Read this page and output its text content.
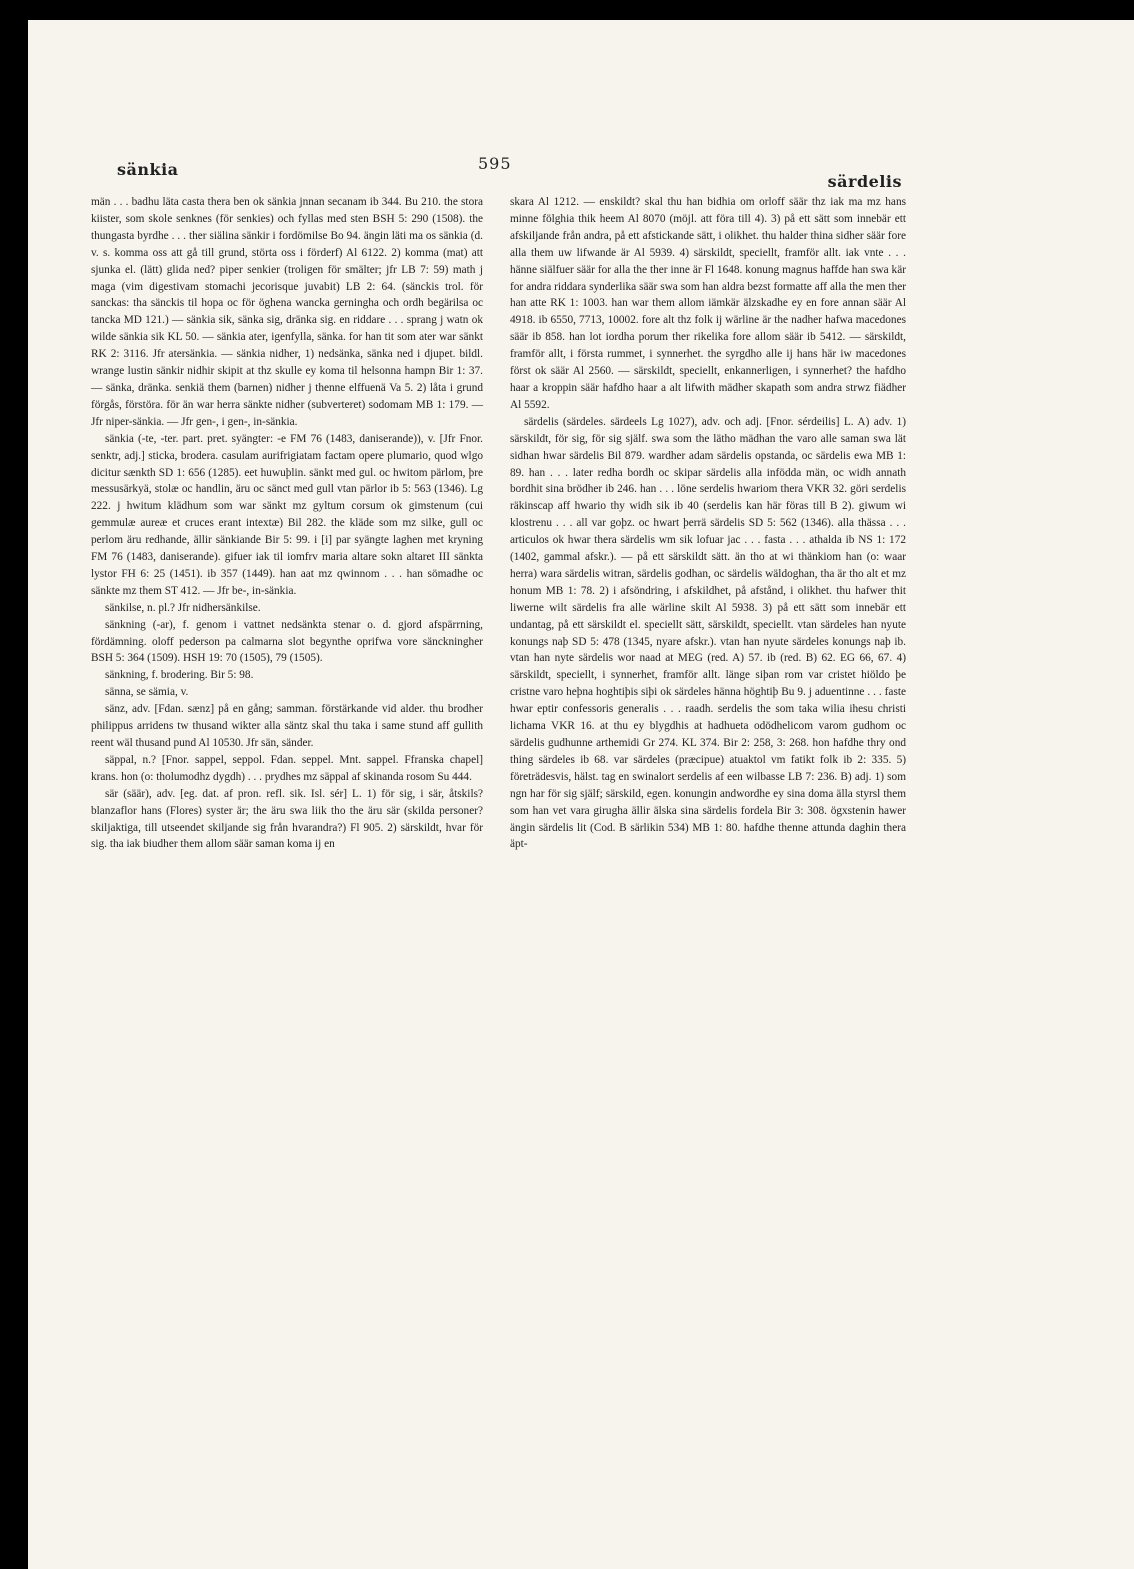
sänkia	595
särdelis

män . . . badhu läta casta thera ben ok sänkia jnnan secanam ib 344. Bu 210. the stora kiister, som skole senknes (för senkies) och fyllas med sten BSH 5: 290 (1508). the thungasta byrdhe . . . ther siälina sänkir i fordömilse Bo 94. ängin läti ma os sänkia (d. v. s. komma oss att gå till grund, störta oss i förderf) Al 6122. 2) komma (mat) att sjunka el. (lätt) glida ned? piper senkier (troligen för smälter; jfr LB 7: 59) math j maga (vim digestivam stomachi jecorisque juvabit) LB 2: 64. (sänckis trol. för sanckas: tha sänckis til hopa oc för öghena wancka gerningha och ordh begärilsa oc tancka MD 121.) — sänkia sik, sänka sig, dränka sig. en riddare . . . sprang j watn ok wilde sänkia sik KL 50. — sänkia ater, igenfylla, sänka. for han tit som ater war sänkt RK 2: 3116. Jfr atersänkia. — sänkia nidher, 1) nedsänka, sänka ned i djupet. bildl. wrange lustin sänkir nidhir skipit at thz skulle ey koma til helsonna hampn Bir 1: 37. — sänka, dränka. senkiä them (barnen) nidher j thenne elffuenä Va 5. 2) låta i grund förgås, förstöra. för än war herra sänkte nidher (subverteret) sodomam MB 1: 179. — Jfr niper-sänkia. — Jfr gen-, i gen-, in-sänkia.

sänkia (-te, -ter. part. pret. syängter: -e FM 76 (1483, daniserande)), v. [Jfr Fnor. senktr, adj.] sticka, brodera. casulam aurifrigiatam factam opere plumario, quod wlgo dicitur sænkth SD 1: 656 (1285). eet huwuþlin. sänkt med gul. oc hwitom pärlom, þre messusärkyä, stolæ oc handlin, äru oc sänct med gull vtan pärlor ib 5: 563 (1346). Lg 222. j hwitum klädhum som war sänkt mz gyltum corsum ok gimstenum (cui gemmulæ aureæ et cruces erant intextæ) Bil 282. the kläde som mz silke, gull oc perlom äru redhande, ällir sänkiande Bir 5: 99. i [i] par syängte laghen met kryning FM 76 (1483, daniserande). gifuer iak til iomfrv maria altare sokn altaret III sänkta lystor FH 6: 25 (1451). ib 357 (1449). han aat mz qwinnom . . . han sömadhe oc sänkte mz them ST 412. — Jfr be-, in-sänkia.

sänkilse, n. pl.? Jfr nidhersänkilse.

sänkning (-ar), f. genom i vattnet nedsänkta stenar o. d. gjord afspärrning, fördämning. oloff pederson pa calmarna slot begynthe oprifwa vore sänckningher BSH 5: 364 (1509). HSH 19: 70 (1505), 79 (1505).

sänkning, f. brodering. Bir 5: 98.

sänna, se sämia, v.

sänz, adv. [Fdan. sænz] på en gång; samman. förstärkande vid alder. thu brodher philippus arridens tw thusand wikter alla säntz skal thu taka i same stund aff gullith reent wäl thusand pund Al 10530. Jfr sän, sänder.

säppal, n.? [Fnor. sappel, seppol. Fdan. seppel. Mnt. sappel. Ffranska chapel] krans. hon (o: tholumodhz dygdh) . . . prydhes mz säppal af skinanda rosom Su 444.

sär (säär), adv. [eg. dat. af pron. refl. sik. Isl. sér] L. 1) för sig, i sär, åtskils? blanzaflor hans (Flores) syster är; the äru swa liik tho the äru sär (skilda personer? skiljaktiga, till utseendet skiljande sig från hvarandra?) Fl 905. 2) särskildt, hvar för sig. tha iak biudher them allom säär saman koma ij en

skara Al 1212. — enskildt? skal thu han bidhia om orloff säär thz iak ma mz hans minne fölghia thik heem Al 8070 (möjl. att föra till 4). 3) på ett sätt som innebär ett afskiljande från andra, på ett afstickande sätt, i olikhet. thu halder thina sidher säär fore alla them uw lifwande är Al 5939. 4) särskildt, speciellt, framför allt. iak vnte . . . hänne siälfuer säär for alla the ther inne är Fl 1648. konung magnus haffde han swa kär for andra riddara synderlika säär swa som han aldra bezst formatte aff alla the men ther han atte RK 1: 1003. han war them allom iämkär älzskadhe ey en fore annan säär Al 4918. ib 6550, 7713, 10002. fore alt thz folk ij wärline är the nadher hafwa macedones säär ib 858. han lot iordha porum ther rikelika fore allom säär ib 5412. — särskildt, framför allt, i första rummet, i synnerhet. the syrgdho alle ij hans här iw macedones först ok säär Al 2560. — särskildt, speciellt, enkannerligen, i synnerhet? the hafdho haar a kroppin säär hafdho haar a alt lifwith mädher skapath som andra strwz fiädher Al 5592.

särdelis (särdeles. särdeels Lg 1027), adv. och adj. [Fnor. sérdeilis] L. A) adv. 1) särskildt, för sig, för sig själf. swa som the lätho mädhan the varo alle saman swa lät sidhan hwar särdelis Bil 879. wardher adam särdelis opstanda, oc särdelis ewa MB 1: 89. han . . . later redha bordh oc skipar särdelis alla infödda män, oc widh annath bordhit sina brödher ib 246. han . . . löne serdelis hwariom thera VKR 32. göri serdelis räkinscap aff hwario thy widh sik ib 40 (serdelis kan här föras till B 2). giwum wi klostrenu . . . all var goþz. oc hwart þerrä särdelis SD 5: 562 (1346). alla thässa . . . articulos ok hwar thera särdelis wm sik lofuar jac . . . fasta . . . athalda ib NS 1: 172 (1402, gammal afskr.). — på ett särskildt sätt. än tho at wi thänkiom han (o: waar herra) wara särdelis witran, särdelis godhan, oc särdelis wäldoghan, tha är tho alt et mz honum MB 1: 78. 2) i afsöndring, i afskildhet, på afstånd, i olikhet. thu hafwer thit liwerne wilt särdelis fra alle wärline skilt Al 5938. 3) på ett sätt som innebär ett undantag, på ett särskildt el. speciellt sätt, särskildt, speciellt. vtan särdeles han nyute konungs naþ SD 5: 478 (1345, nyare afskr.). vtan han nyute särdeles konungs naþ ib. vtan han nyte särdelis wor naad at MEG (red. A) 57. ib (red. B) 62. EG 66, 67. 4) särskildt, speciellt, i synnerhet, framför allt. länge siþan rom var cristet hiöldo þe cristne varo heþna hoghtiþis siþi ok särdeles hänna höghtiþ Bu 9. j aduentinne . . . faste hwar eptir confessoris generalis . . . raadh. serdelis the som taka wilia ihesu christi lichama VKR 16. at thu ey blygdhis at hadhueta odödhelicom varom gudhom oc särdelis gudhunne arthemidi Gr 274. KL 374. Bir 2: 258, 3: 268. hon hafdhe thry ond thing särdeles ib 68. var särdeles (præcipue) atuaktol vm fatikt folk ib 2: 335. 5) företrädesvis, hälst. tag en swinalort serdelis af een wilbasse LB 7: 236. B) adj. 1) som ngn har för sig själf; särskild, egen. konungin andwordhe ey sina doma älla styrsl them som han vet vara girugha ällir älska sina särdelis fordela Bir 3: 308. ögxstenin hawer ängin särdelis lit (Cod. B särlikin 534) MB 1: 80. hafdhe thenne attunda daghin thera äpt-
